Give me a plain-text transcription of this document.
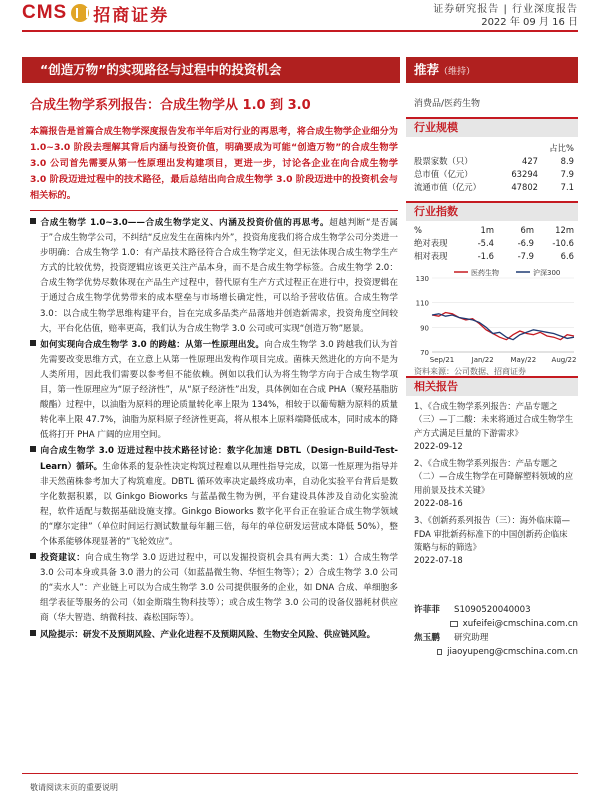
CMS 招商证券	证券研究报告 | 行业深度报告
2022 年 09 月 16 日
“创造万物”的实现路径与过程中的投资机会	推荐（维持）
合成生物学系列报告：合成生物学从 1.0 到 3.0	消费品/医药生物
本篇报告是首篇合成生物学深度报告发布半年后对行业的再思考，将合成生物学企业细分为 1.0~3.0 阶段去理解其背后内涵与投资价值，明确要成为可能“创造万物”的合成生物学 3.0 公司首先需要从第一性原理出发构建项目，更进一步，讨论各企业在向合成生物学 3.0 阶段迈进过程中的技术路径，最后总结出向合成生物学 3.0 阶段迈进中的投资机会与相关标的。

合成生物学 1.0~3.0——合成生物学定义、内涵及投资价值的再思考。超越判断“是否属于”合成生物学公司，不纠结“反应发生在菌株内外”，投资角度我们将合成生物学公司分类进一步明确：合成生物学 1.0：有产品技术路径符合合成生物学定义，但无法体现合成生物学生产方式的比较优势，投资逻辑应该更关注产品本身，而不是合成生物学标签。合成生物学 2.0：合成生物学优势尽数体现在产品生产过程中，替代原有生产方式过程正在进行中，投资逻辑在于通过合成生物学优势带来的成本壁垒与市场增长确定性，可以给予营收估值。合成生物学 3.0：以合成生物学思维构建平台，旨在完成多品类产品落地并创造新需求，投资角度空间较大，平台化估值，赔率更高，我们认为合成生物学 3.0 公司或可实现“创造万物”愿景。

如何实现向合成生物学 3.0 的跨越：从第一性原理出发。向合成生物学 3.0 跨越我们认为首先需要改变思维方式，在立意上从第一性原理出发构作项目完成。菌株天然进化的方向不是为人类所用，因此我们需要以参考但不能依赖。例如以我们认为将生物学方向于合成生物学项目，第一性原理应为“原子经济性”，从“原子经济性”出发，具体例如在合成 PHA（聚羟基脂肪酸酯）过程中，以油脂为原料的理论质量转化率上限为 134%，相较于以葡萄糖为原料的质量转化率上限 47.7%，油脂为原料原子经济性更高，将从根本上原料端降低成本，同时成本的降低将打开 PHA 广阔的应用空间。

向合成生物学 3.0 迈进过程中技术路径讨论：数字化加速 DBTL（Design-Build-Test-Learn）循环。生命体系的复杂性决定构筑过程难以从理性指导完成，以第一性原理为指导并非天然菌株参考加大了构筑难度。DBTL 循环效率决定最终成功率，自动化实验平台背后是数字化数据积累，以 Ginkgo Bioworks 与蓝晶微生物为例，平台建设具体涉及自动化实验流程，软件适配与数据基础设施支撑。Ginkgo Bioworks 数字化平台正在验证合成生物学领域的“摩尔定律”（单位时间运行测试数量每年翻三倍，每年的单位研发运营成本降低 50%），整个体系能够体现显著的“飞轮效应”。

投资建议：向合成生物学 3.0 迈进过程中，可以发掘投资机会具有两大类：1）合成生物学 3.0 公司本身或具备 3.0 潜力的公司（如蓝晶微生物、华恒生物等）；2）合成生物学 3.0 公司的“卖水人”：产业链上可以为合成生物学 3.0 公司提供服务的企业，如 DNA 合成、单细胞多组学表征等服务的公司（如金斯瑞生物科技等）；或合成生物学 3.0 公司的设备仪器耗材供应商（华大智造、纳微科技、森松国际等）。

风险提示：研发不及预期风险、产业化进程不及预期风险、生物安全风险、供应链风险。

行业规模
占比%
股票家数（只）	427	8.9
总市值（亿元）	63294	7.9
流通市值（亿元）	47802	7.1
行业指数
%	1m	6m	12m
绝对表现	-5.4	-6.9	-10.6
相对表现	-1.6	-7.9	6.6
70
90
110
130
Sep/21 Jan/22 May/22 Aug/22
医药生物	沪深300
资料来源：公司数据、招商证券
相关报告
1、《合成生物学系列报告：产品专题之（三）—丁二酸：未来将通过合成生物学生产方式满足巨量的下游需求》
2022-09-12
2、《合成生物学系列报告：产品专题之（二）—合成生物学在可降解塑料领域的应用前景及技术关键》
2022-08-16
3、《创新药系列报告（三）：海外临床篇—FDA 审批新药标准下的中国创新药企临床策略与标的筛选》
2022-07-18
许菲菲	S1090520040003
xufeifei@cmschina.com.cn
焦玉鹏	研究助理
jiaoyupeng@cmschina.com.cn
敬请阅读末页的重要说明
